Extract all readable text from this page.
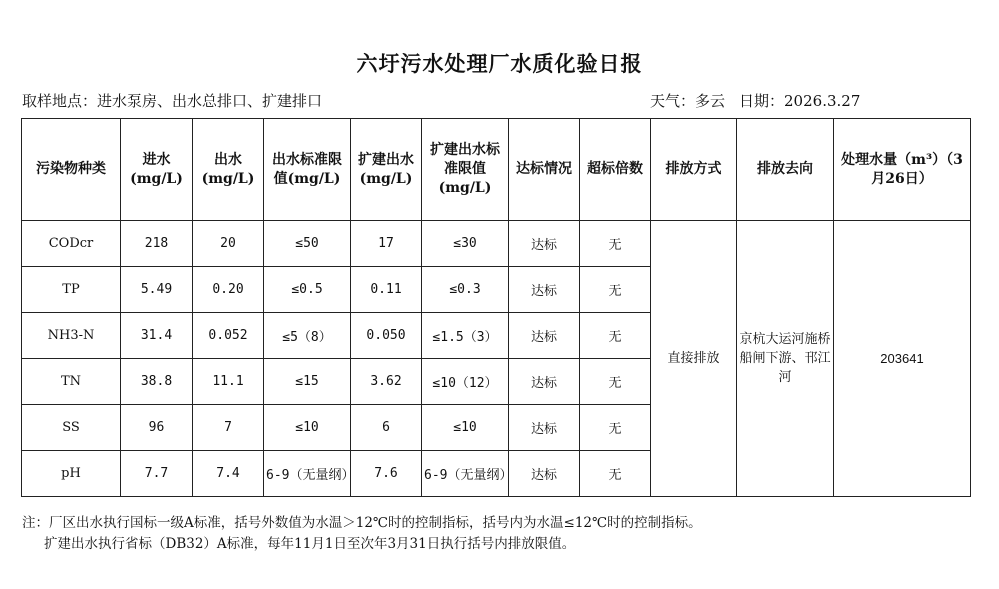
六圩污水处理厂水质化验日报
取样地点：进水泵房、出水总排口、扩建排口	天气：多云 日期：2026.3.27
污染物种类	进水 (mg/L)	出水 (mg/L)	出水标准限值(mg/L)	扩建出水 (mg/L)	扩建出水标准限值 (mg/L)	达标情况	超标倍数	排放方式	排放去向	处理水量（m³）（3月26日）
CODcr	218	20	≤50	17	≤30	达标	无	直接排放	京杭大运河施桥船闸下游、邗江河	203641
TP	5.49	0.20	≤0.5	0.11	≤0.3	达标	无			
NH3-N	31.4	0.052	≤5（8）	0.050	≤1.5（3）	达标	无			
TN	38.8	11.1	≤15	3.62	≤10（12）	达标	无			
SS	96	7	≤10	6	≤10	达标	无			
pH	7.7	7.4	6-9（无量纲）	7.6	6-9（无量纲）	达标	无			
注：厂区出水执行国标一级A标准，括号外数值为水温＞12℃时的控制指标，括号内为水温≤12℃时的控制指标。
扩建出水执行省标（DB32）A标准，每年11月1日至次年3月31日执行括号内排放限值。
